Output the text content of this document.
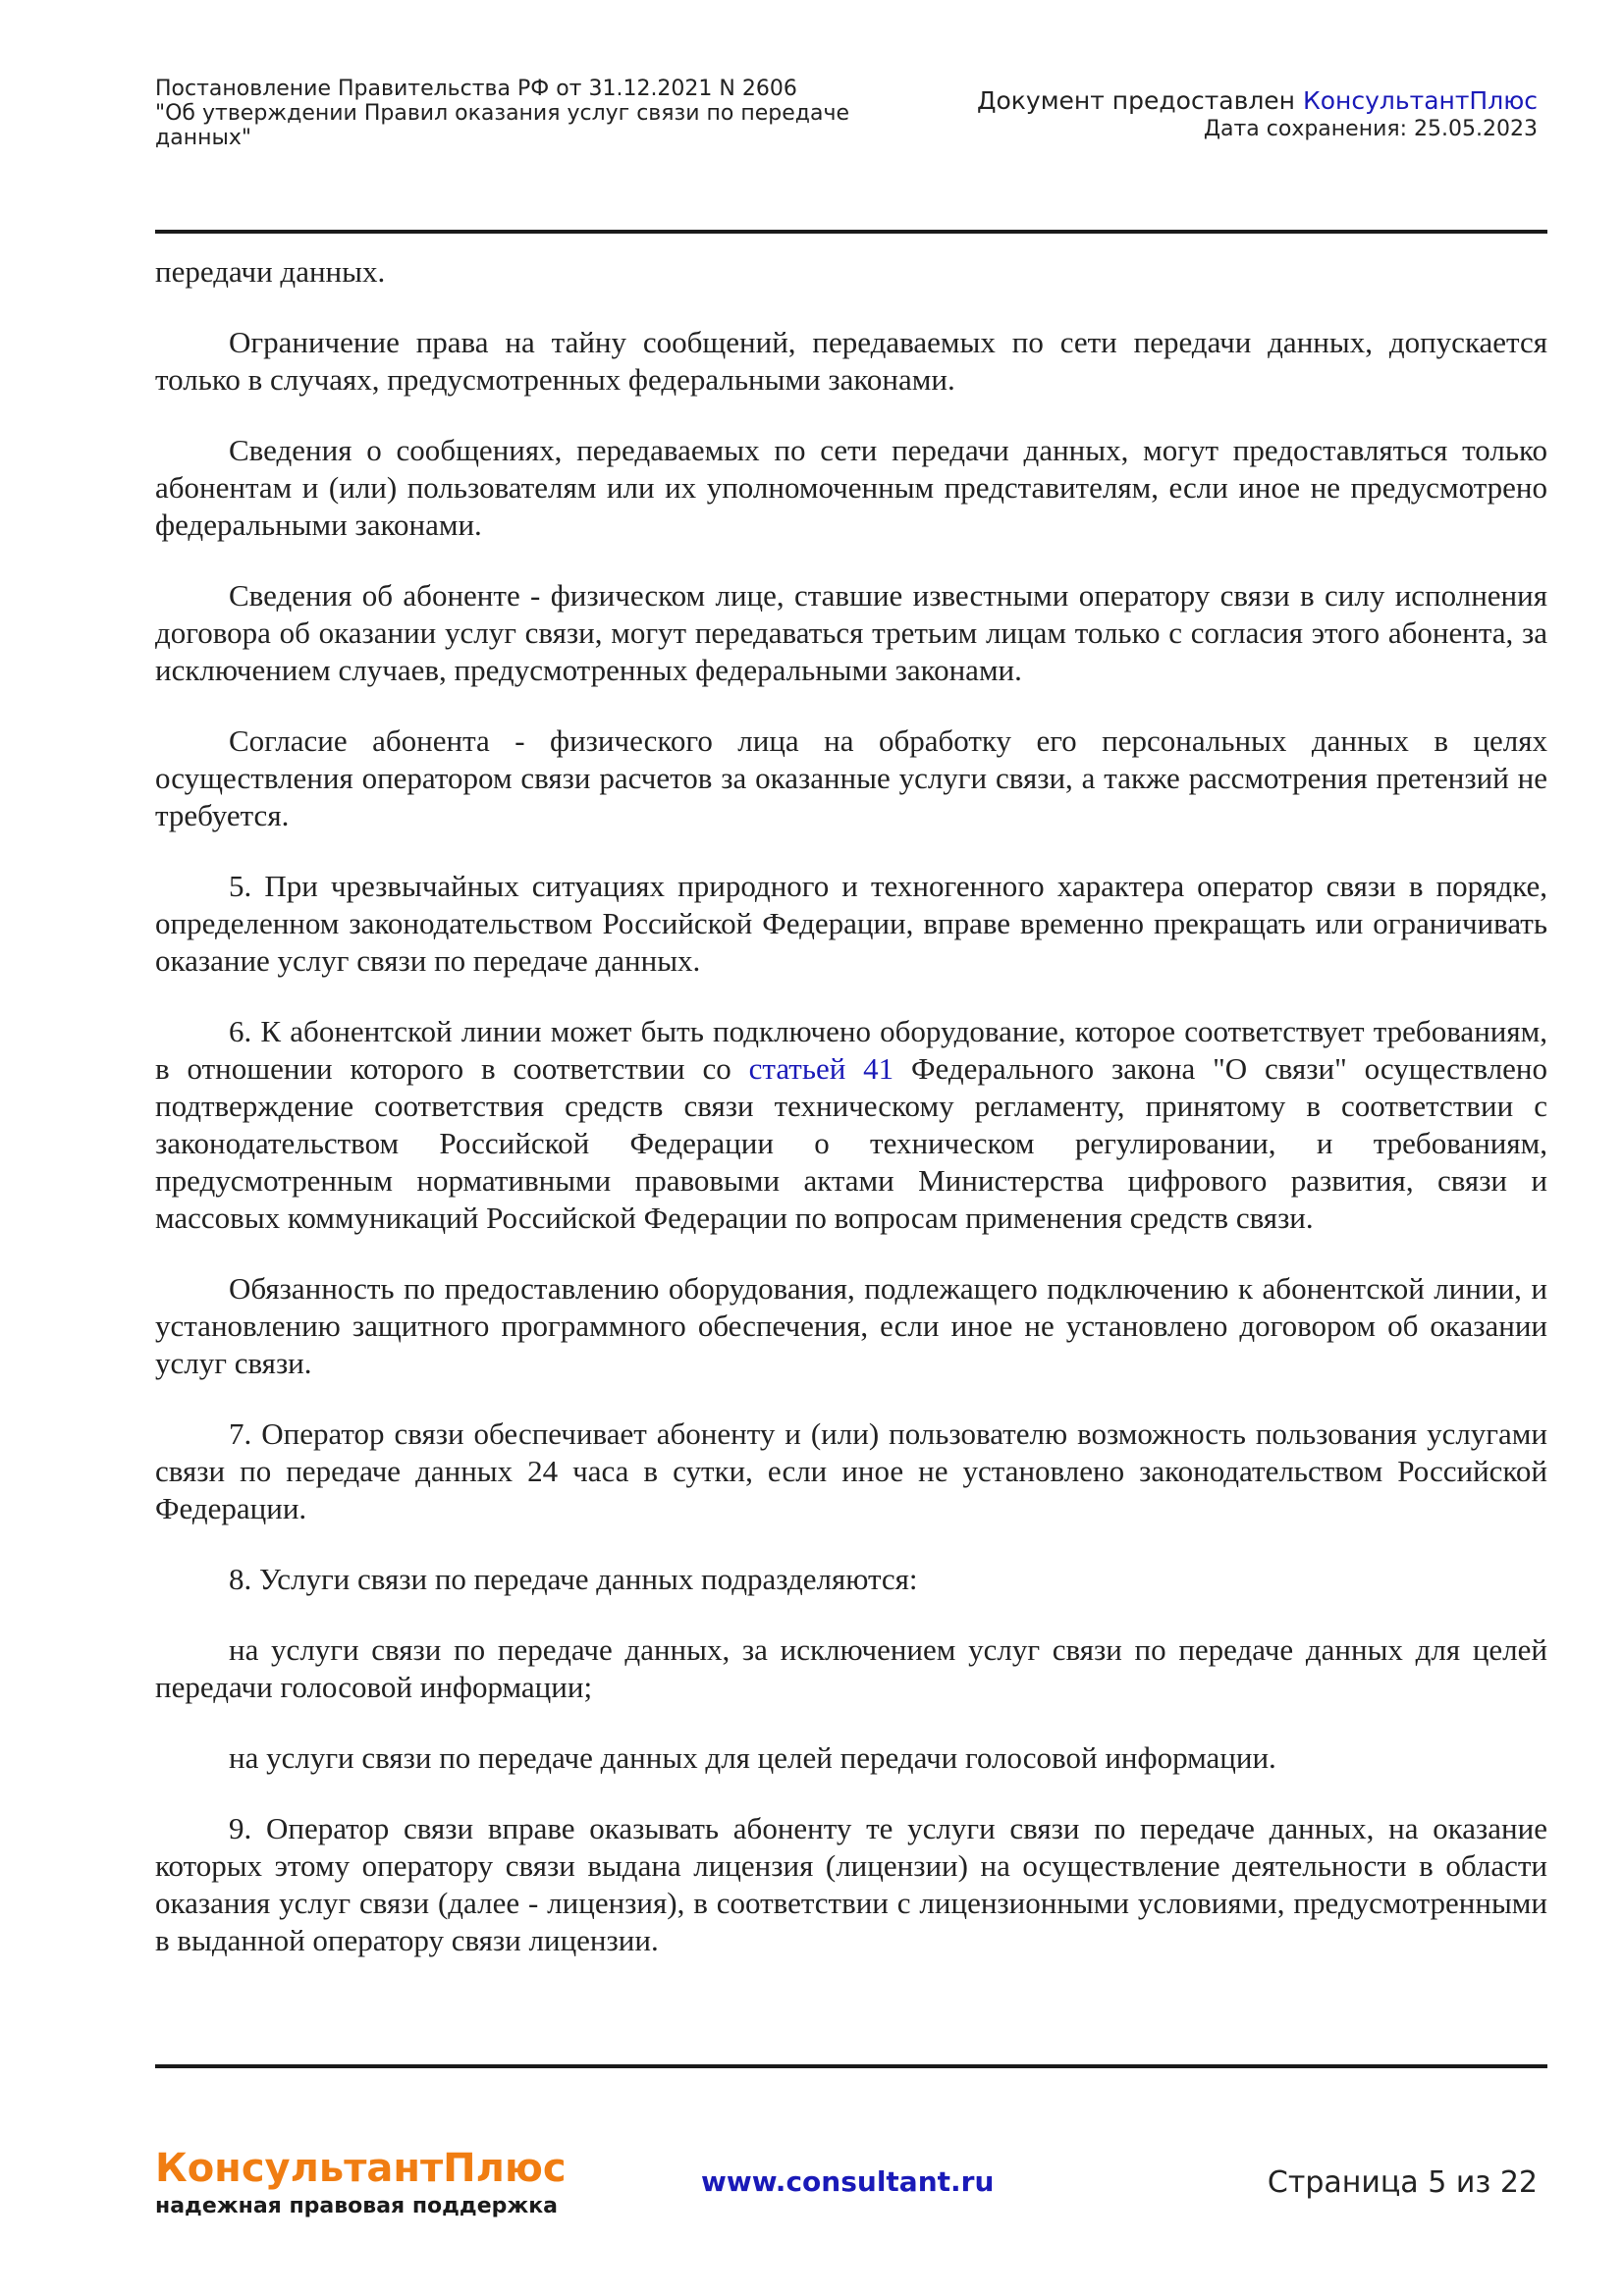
Постановление Правительства РФ от 31.12.2021 N 2606
"Об утверждении Правил оказания услуг связи по передаче
данных"
Документ предоставлен КонсультантПлюс
Дата сохранения: 25.05.2023

передачи данных.

Ограничение права на тайну сообщений, передаваемых по сети передачи данных, допускается только в случаях, предусмотренных федеральными законами.

Сведения о сообщениях, передаваемых по сети передачи данных, могут предоставляться только абонентам и (или) пользователям или их уполномоченным представителям, если иное не предусмотрено федеральными законами.

Сведения об абоненте - физическом лице, ставшие известными оператору связи в силу исполнения договора об оказании услуг связи, могут передаваться третьим лицам только с согласия этого абонента, за исключением случаев, предусмотренных федеральными законами.

Согласие абонента - физического лица на обработку его персональных данных в целях осуществления оператором связи расчетов за оказанные услуги связи, а также рассмотрения претензий не требуется.

5. При чрезвычайных ситуациях природного и техногенного характера оператор связи в порядке, определенном законодательством Российской Федерации, вправе временно прекращать или ограничивать оказание услуг связи по передаче данных.

6. К абонентской линии может быть подключено оборудование, которое соответствует требованиям, в отношении которого в соответствии со статьей 41 Федерального закона "О связи" осуществлено подтверждение соответствия средств связи техническому регламенту, принятому в соответствии с законодательством Российской Федерации о техническом регулировании, и требованиям, предусмотренным нормативными правовыми актами Министерства цифрового развития, связи и массовых коммуникаций Российской Федерации по вопросам применения средств связи.

Обязанность по предоставлению оборудования, подлежащего подключению к абонентской линии, и установлению защитного программного обеспечения, если иное не установлено договором об оказании услуг связи.

7. Оператор связи обеспечивает абоненту и (или) пользователю возможность пользования услугами связи по передаче данных 24 часа в сутки, если иное не установлено законодательством Российской Федерации.

8. Услуги связи по передаче данных подразделяются:

на услуги связи по передаче данных, за исключением услуг связи по передаче данных для целей передачи голосовой информации;

на услуги связи по передаче данных для целей передачи голосовой информации.

9. Оператор связи вправе оказывать абоненту те услуги связи по передаче данных, на оказание которых этому оператору связи выдана лицензия (лицензии) на осуществление деятельности в области оказания услуг связи (далее - лицензия), в соответствии с лицензионными условиями, предусмотренными в выданной оператору связи лицензии.

КонсультантПлюс
надежная правовая поддержка
www.consultant.ru	Страница 5 из 22
